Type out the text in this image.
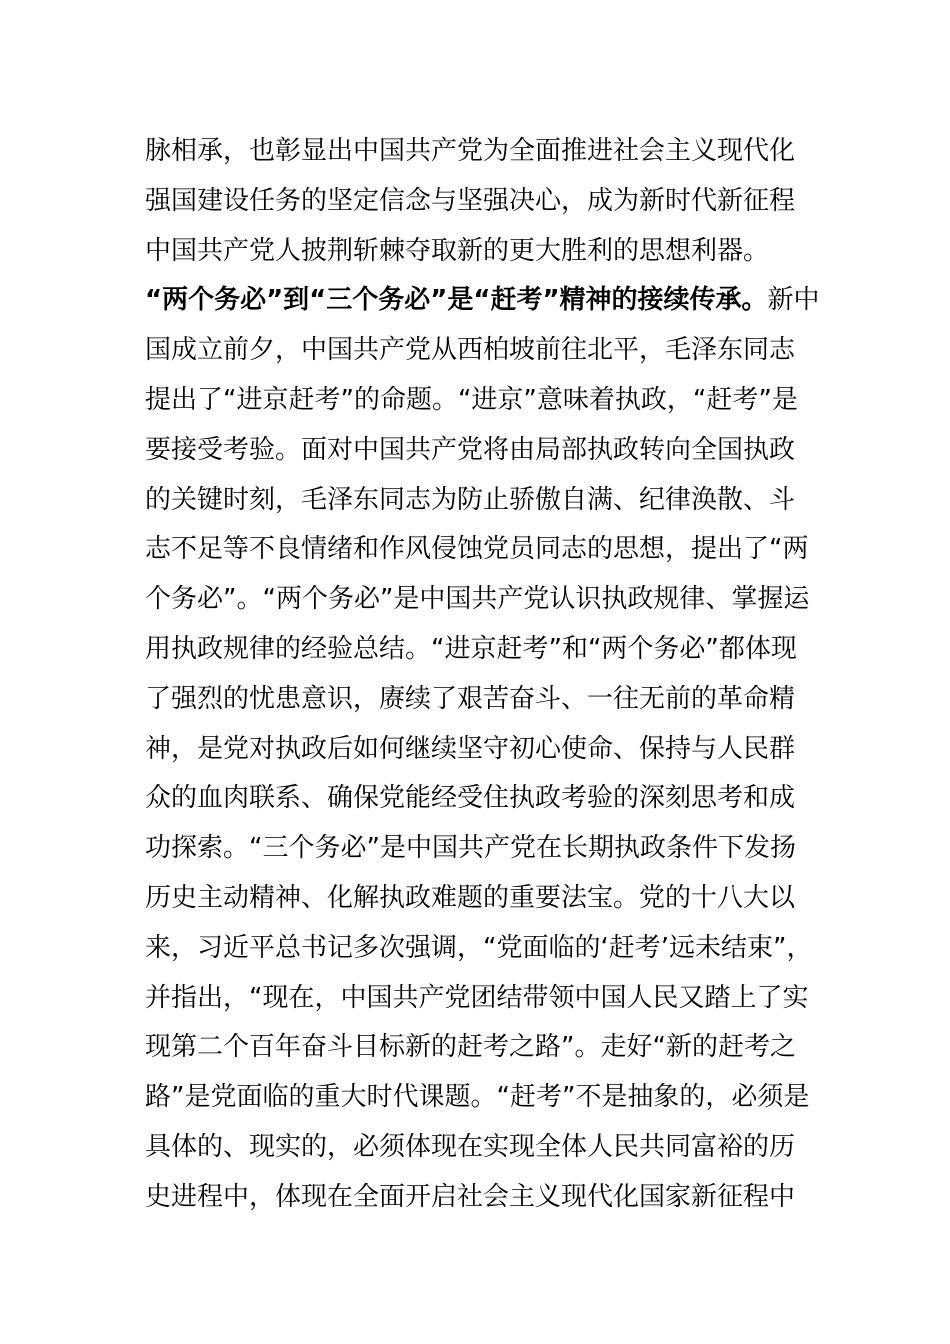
脉相承，也彰显出中国共产党为全面推进社会主义现代化
强国建设任务的坚定信念与坚强决心，成为新时代新征程
中国共产党人披荆斩棘夺取新的更大胜利的思想利器。
“两个务必”到“三个务必”是“赶考”精神的接续传承。新中
国成立前夕，中国共产党从西柏坡前往北平，毛泽东同志
提出了“进京赶考”的命题。“进京”意味着执政，“赶考”是
要接受考验。面对中国共产党将由局部执政转向全国执政
的关键时刻，毛泽东同志为防止骄傲自满、纪律涣散、斗
志不足等不良情绪和作风侵蚀党员同志的思想，提出了“两
个务必”。“两个务必”是中国共产党认识执政规律、掌握运
用执政规律的经验总结。“进京赶考”和“两个务必”都体现
了强烈的忧患意识，赓续了艰苦奋斗、一往无前的革命精
神，是党对执政后如何继续坚守初心使命、保持与人民群
众的血肉联系、确保党能经受住执政考验的深刻思考和成
功探索。“三个务必”是中国共产党在长期执政条件下发扬
历史主动精神、化解执政难题的重要法宝。党的十八大以
来，习近平总书记多次强调，“党面临的‘赶考’远未结束”，
并指出，“现在，中国共产党团结带领中国人民又踏上了实
现第二个百年奋斗目标新的赶考之路”。走好“新的赶考之
路”是党面临的重大时代课题。“赶考”不是抽象的，必须是
具体的、现实的，必须体现在实现全体人民共同富裕的历
史进程中，体现在全面开启社会主义现代化国家新征程中
